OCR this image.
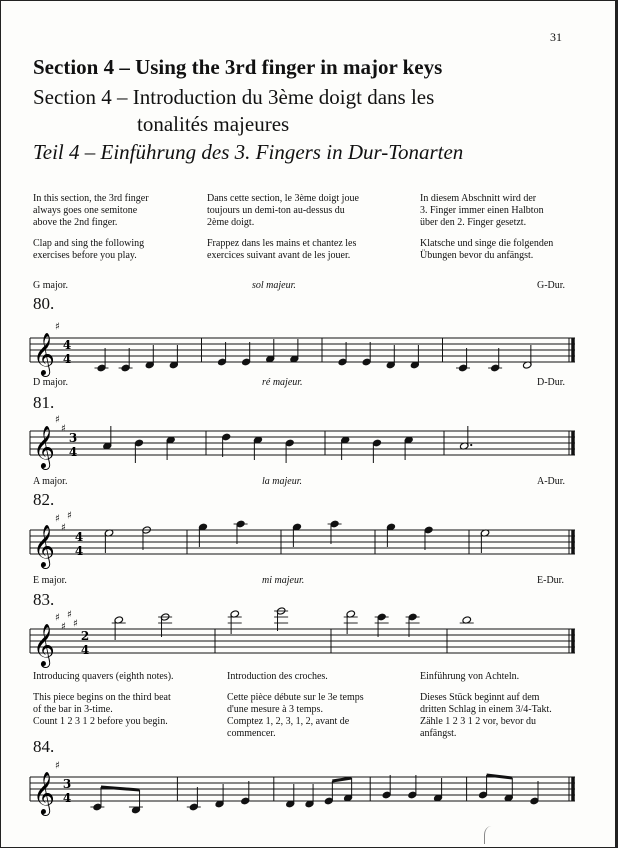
31
Section 4 – Using the 3rd finger in major keys
Section 4 – Introduction du 3ème doigt dans les
tonalités majeures
Teil 4 – Einführung des 3. Fingers in Dur-Tonarten

In this section, the 3rd finger
always goes one semitone
above the 2nd finger.

Clap and sing the following
exercises before you play.

Dans cette section, le 3ème doigt joue
toujours un demi-ton au-dessus du
2ème doigt.

Frappez dans les mains et chantez les
exercices suivant avant de les jouer.

In diesem Abschnitt wird der
3. Finger immer einen Halbton
über den 2. Finger gesetzt.

Klatsche und singe die folgenden
Übungen bevor du anfängst.

G major.	sol majeur.	G-Dur.
80.
𝄞
♯
4
4
D major.	ré majeur.	D-Dur.
81.
𝄞
♯
♯
3
4
A major.	la majeur.	A-Dur.
82.
𝄞
♯
♯
♯
4
4
E major.	mi majeur.	E-Dur.
83.
𝄞
♯
♯
♯
♯
2
4

Introducing quavers (eighth notes).

This piece begins on the third beat
of the bar in 3-time.
Count 1 2 3 1 2 before you begin.

Introduction des croches.

Cette pièce débute sur le 3e temps
d'une mesure à 3 temps.
Comptez 1, 2, 3, 1, 2, avant de
commencer.

Einführung von Achteln.

Dieses Stück beginnt auf dem
dritten Schlag in einem 3/4-Takt.
Zähle 1 2 3 1 2 vor, bevor du
anfängst.

84.
𝄞
♯
3
4
